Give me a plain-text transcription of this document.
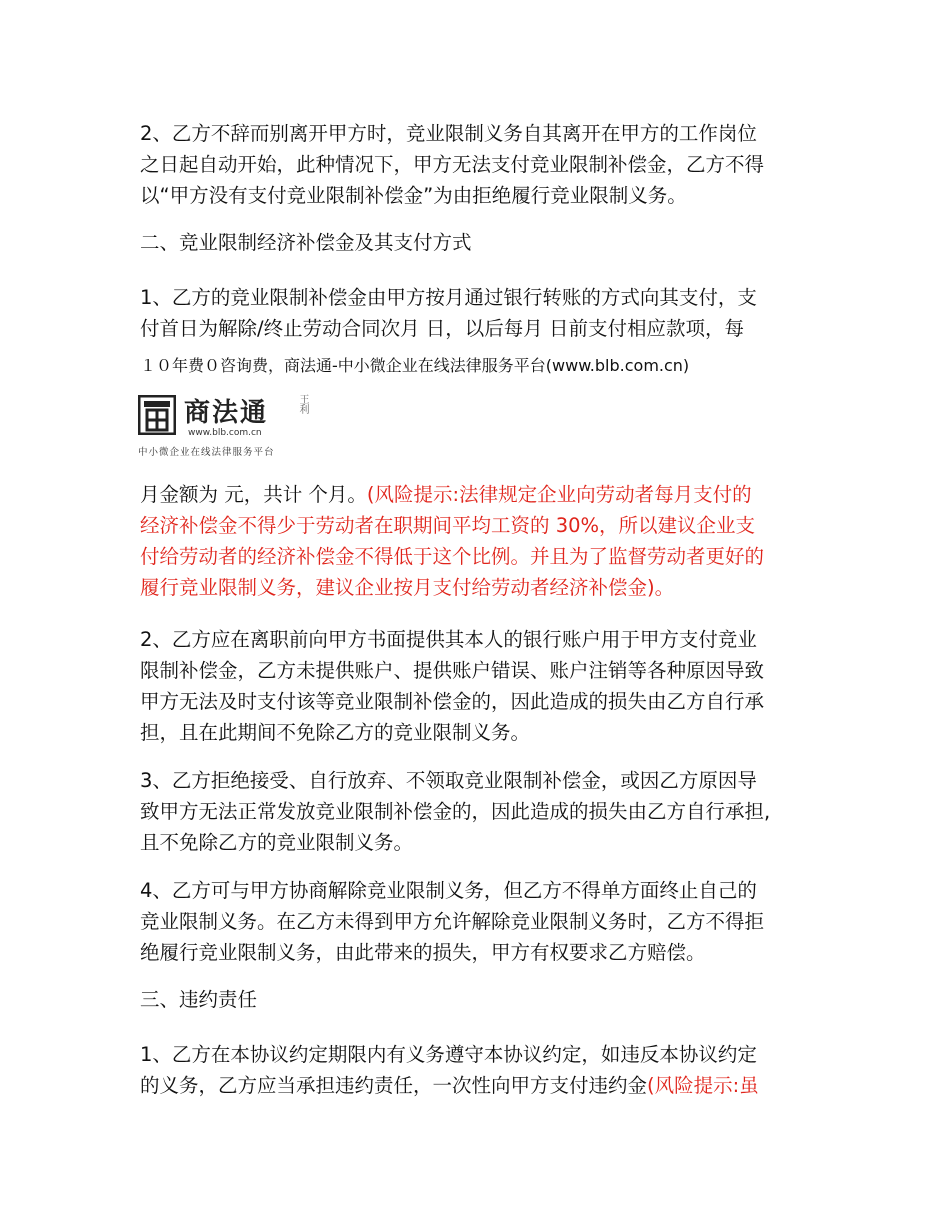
2、乙方不辞而别离开甲方时，竞业限制义务自其离开在甲方的工作岗位
之日起自动开始，此种情况下，甲方无法支付竞业限制补偿金，乙方不得
以“甲方没有支付竞业限制补偿金”为由拒绝履行竞业限制义务。
二、竞业限制经济补偿金及其支付方式
1、乙方的竞业限制补偿金由甲方按月通过银行转账的方式向其支付，支
付首日为解除/终止劳动合同次月 日，以后每月 日前支付相应款项，每
１０年费０咨询费，商法通-中小微企业在线法律服务平台(www.blb.com.cn)
商法通	王利
www.blb.com.cn
中小微企业在线法律服务平台
月金额为 元，共计 个月。(风险提示:法律规定企业向劳动者每月支付的
经济补偿金不得少于劳动者在职期间平均工资的 30%，所以建议企业支
付给劳动者的经济补偿金不得低于这个比例。并且为了监督劳动者更好的
履行竞业限制义务，建议企业按月支付给劳动者经济补偿金)。
2、乙方应在离职前向甲方书面提供其本人的银行账户用于甲方支付竞业
限制补偿金，乙方未提供账户、提供账户错误、账户注销等各种原因导致
甲方无法及时支付该等竞业限制补偿金的，因此造成的损失由乙方自行承
担，且在此期间不免除乙方的竞业限制义务。
3、乙方拒绝接受、自行放弃、不领取竞业限制补偿金，或因乙方原因导
致甲方无法正常发放竞业限制补偿金的，因此造成的损失由乙方自行承担,
且不免除乙方的竞业限制义务。
4、乙方可与甲方协商解除竞业限制义务，但乙方不得单方面终止自己的
竞业限制义务。在乙方未得到甲方允许解除竞业限制义务时，乙方不得拒
绝履行竞业限制义务，由此带来的损失，甲方有权要求乙方赔偿。
三、违约责任
1、乙方在本协议约定期限内有义务遵守本协议约定，如违反本协议约定
的义务，乙方应当承担违约责任，一次性向甲方支付违约金(风险提示:虽
